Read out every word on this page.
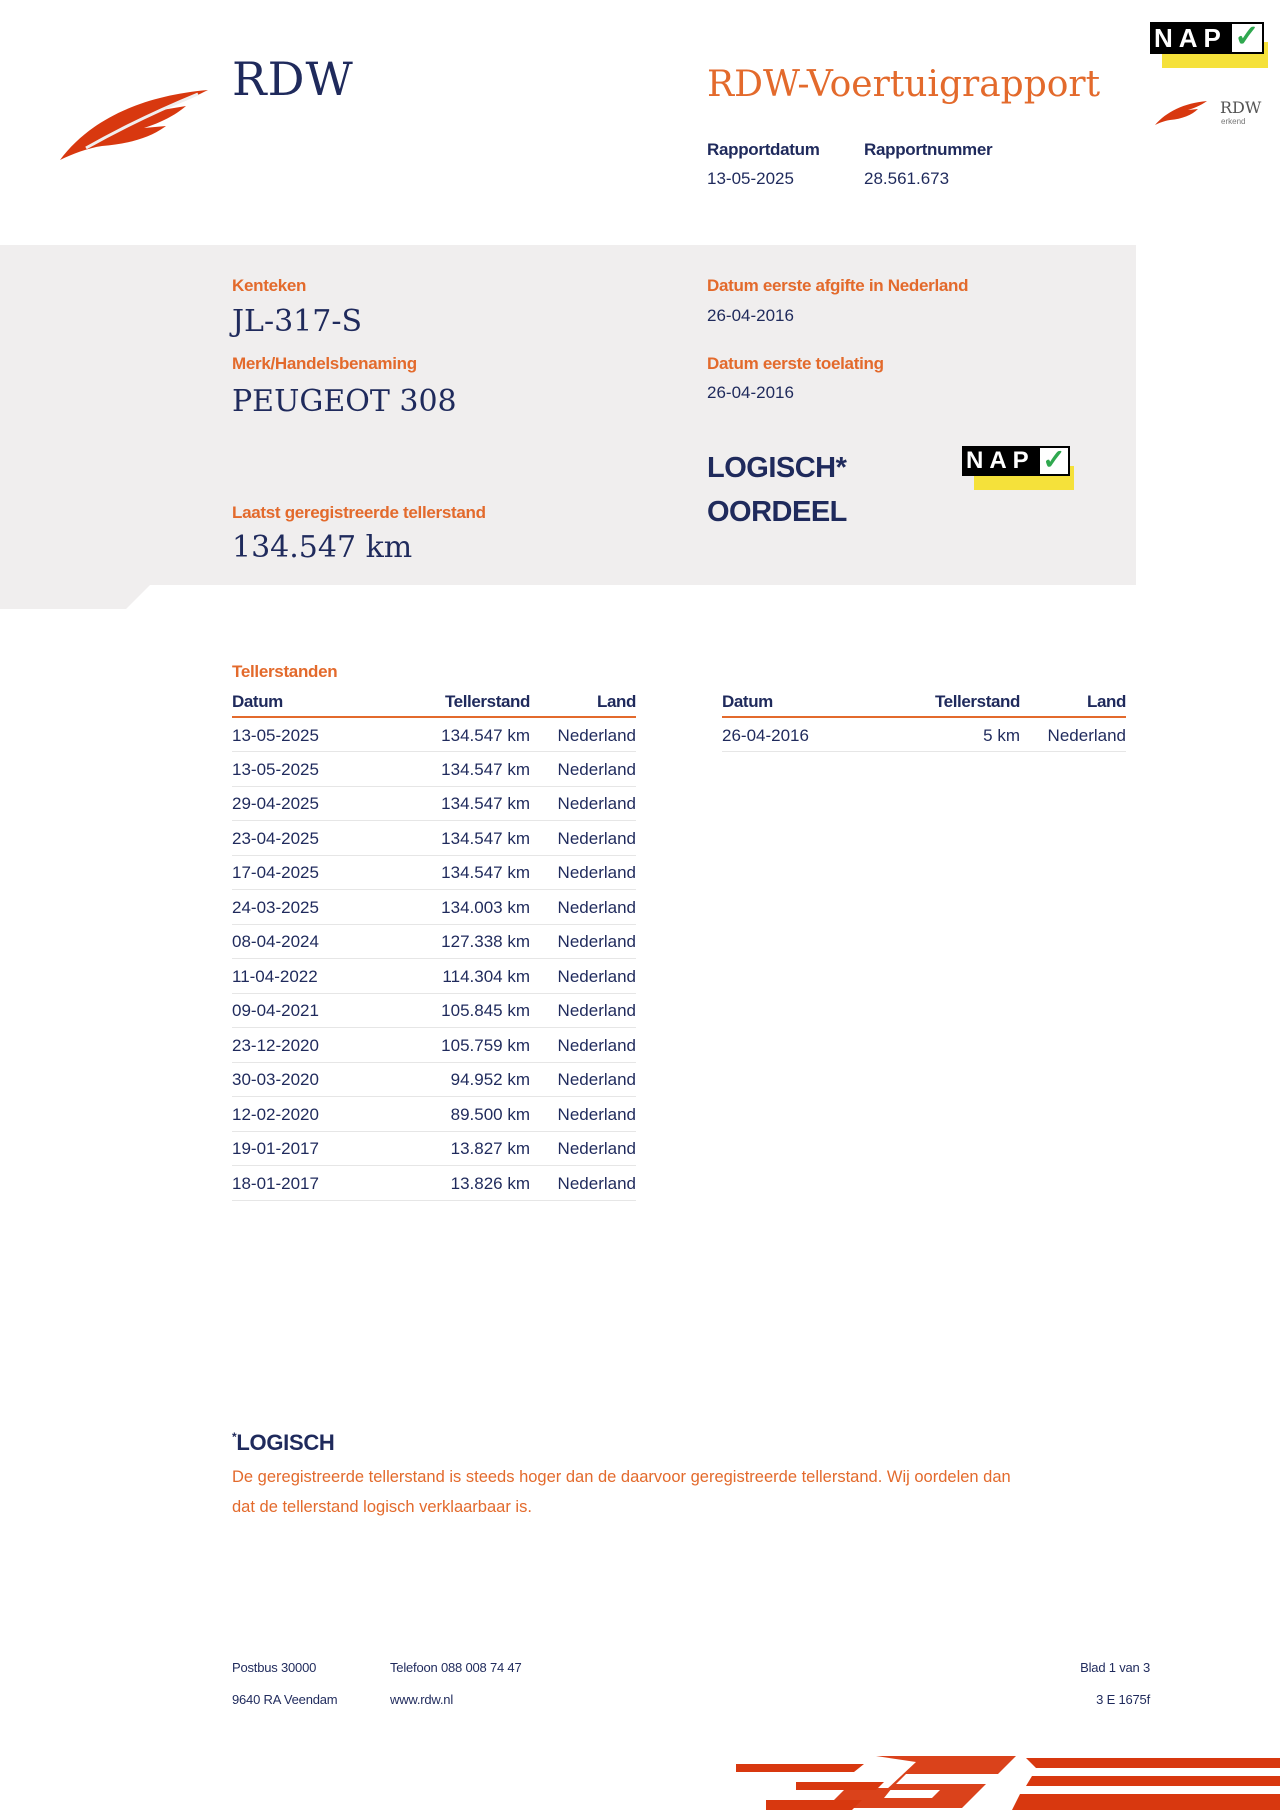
RDW	RDW-Voertuigrapport
Rapportdatum
13-05-2025
Rapportnummer
28.561.673
NAP ✓
RDW
erkend
Kenteken
JL-317-S
Merk/Handelsbenaming
PEUGEOT 308
Laatst geregistreerde tellerstand
134.547 km
Datum eerste afgifte in Nederland
26-04-2016
Datum eerste toelating
26-04-2016
LOGISCH*
OORDEEL
NAP ✓
Tellerstanden
Datum	Tellerstand	Land
13-05-2025	134.547 km	Nederland
13-05-2025	134.547 km	Nederland
29-04-2025	134.547 km	Nederland
23-04-2025	134.547 km	Nederland
17-04-2025	134.547 km	Nederland
24-03-2025	134.003 km	Nederland
08-04-2024	127.338 km	Nederland
11-04-2022	114.304 km	Nederland
09-04-2021	105.845 km	Nederland
23-12-2020	105.759 km	Nederland
30-03-2020	94.952 km	Nederland
12-02-2020	89.500 km	Nederland
19-01-2017	13.827 km	Nederland
18-01-2017	13.826 km	Nederland
Datum	Tellerstand	Land
26-04-2016	5 km	Nederland
*LOGISCH
De geregistreerde tellerstand is steeds hoger dan de daarvoor geregistreerde tellerstand. Wij oordelen dan
dat de tellerstand logisch verklaarbaar is.
Postbus 30000
9640 RA Veendam
Telefoon 088 008 74 47
www.rdw.nl
Blad 1 van 3
3 E 1675f
